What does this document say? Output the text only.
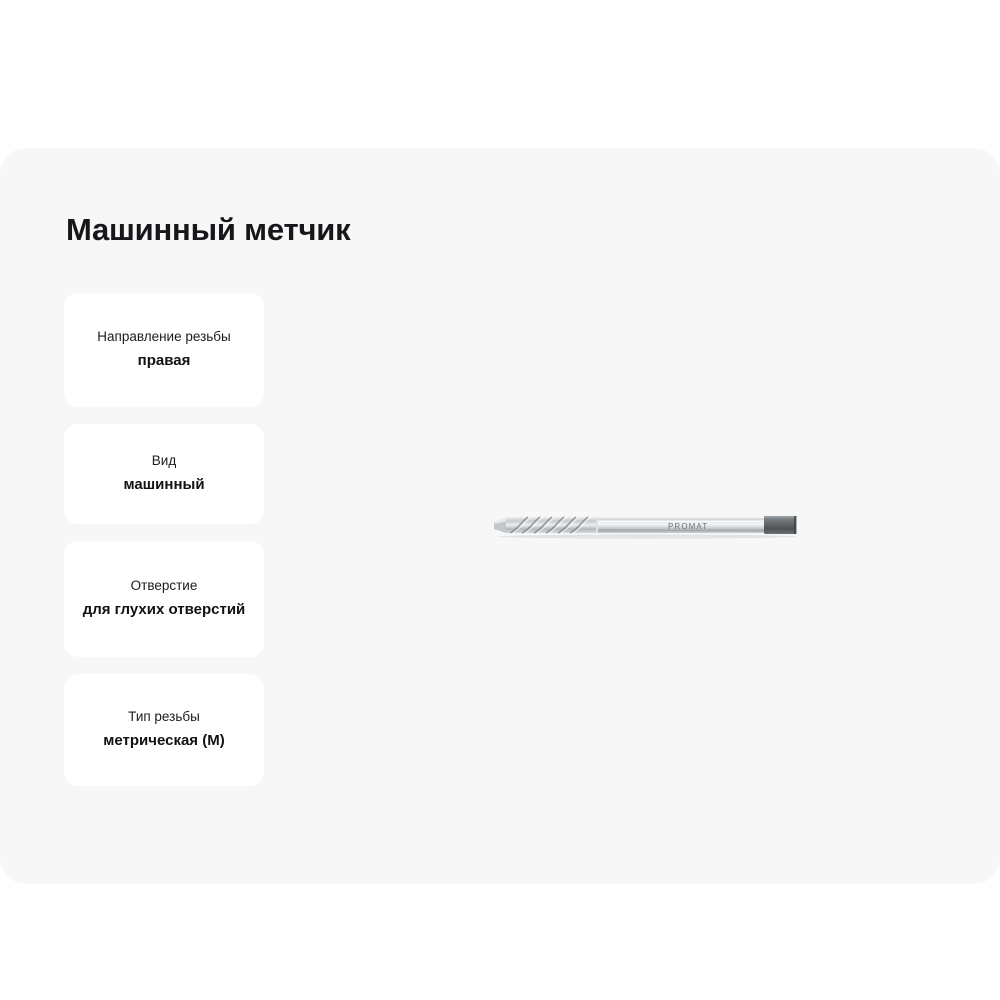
Машинный метчик
Направление резьбы
правая
Вид
машинный
Отверстие
для глухих отверстий
Тип резьбы
метрическая (M)
PROMAT
